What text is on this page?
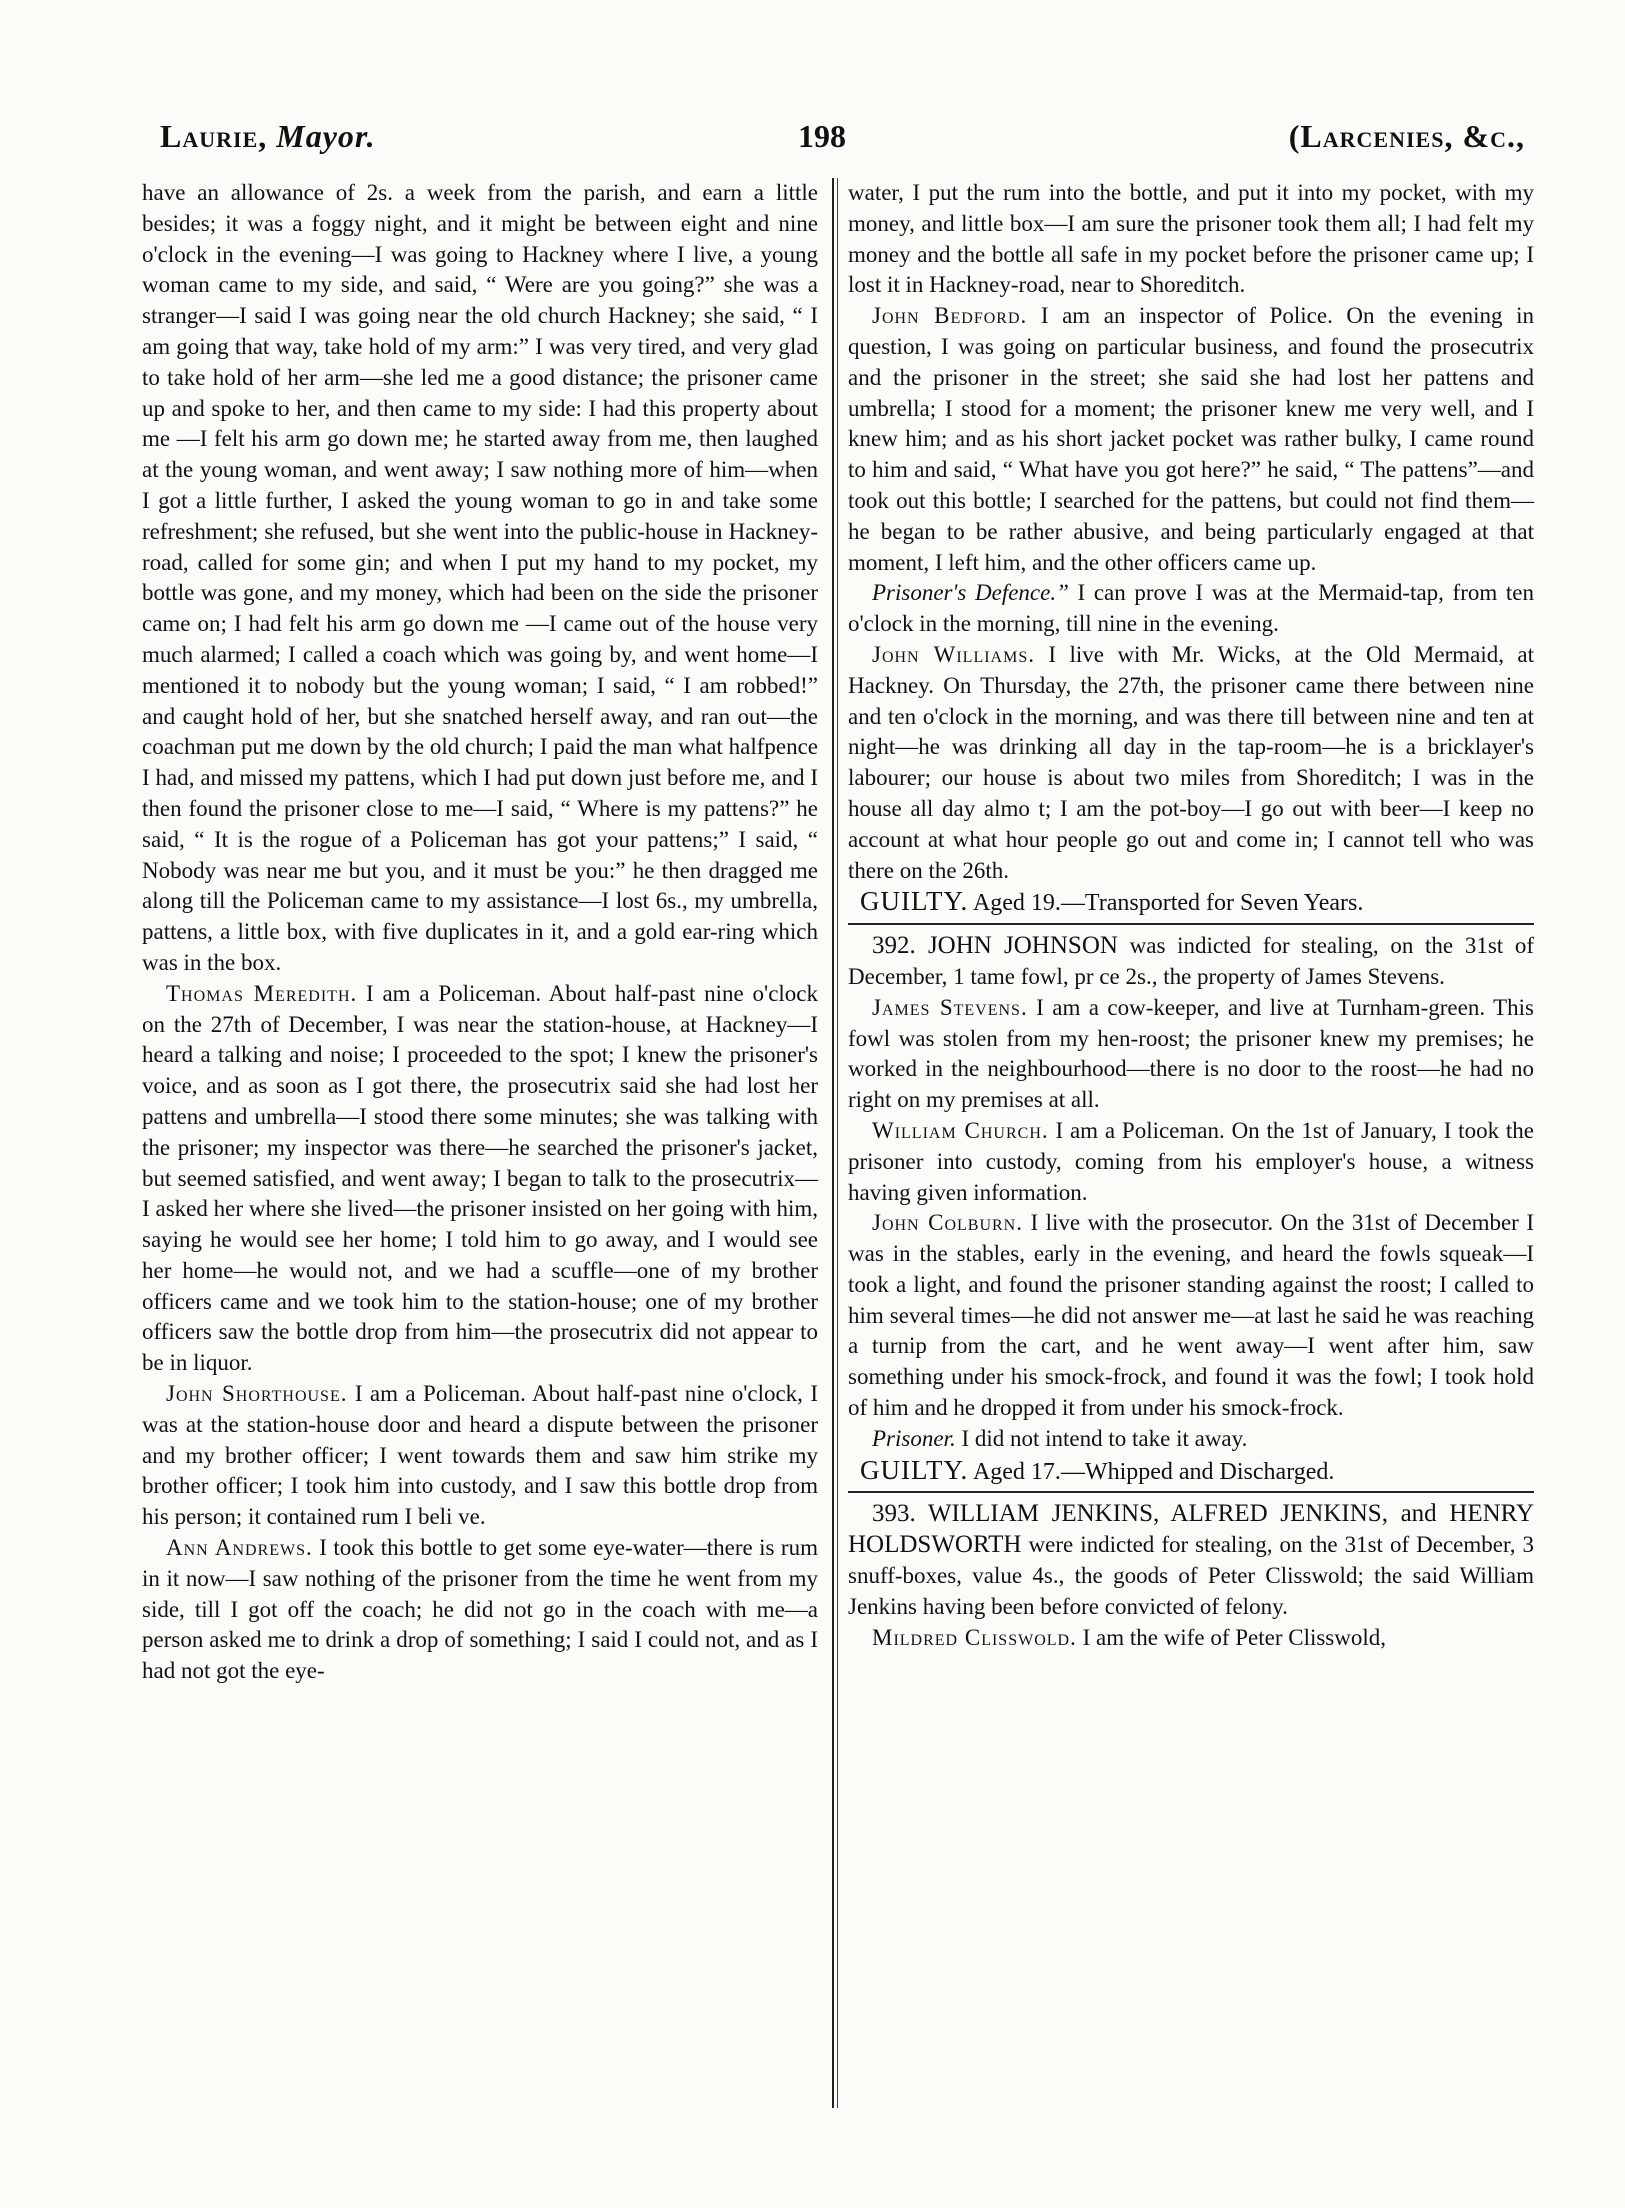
Laurie, Mayor.	198	(Larcenies, &c.,

have an allowance of 2s. a week from the parish, and earn a little besides; it was a foggy night, and it might be between eight and nine o'clock in the evening—I was going to Hackney where I live, a young woman came to my side, and said, “ Were are you going?” she was a stranger—I said I was going near the old church Hackney; she said, “ I am going that way, take hold of my arm:” I was very tired, and very glad to take hold of her arm—she led me a good distance; the prisoner came up and spoke to her, and then came to my side: I had this property about me —I felt his arm go down me; he started away from me, then laughed at the young woman, and went away; I saw nothing more of him—when I got a little further, I asked the young woman to go in and take some refreshment; she refused, but she went into the public-house in Hackney-road, called for some gin; and when I put my hand to my pocket, my bottle was gone, and my money, which had been on the side the prisoner came on; I had felt his arm go down me —I came out of the house very much alarmed; I called a coach which was going by, and went home—I mentioned it to nobody but the young woman; I said, “ I am robbed!” and caught hold of her, but she snatched herself away, and ran out—the coachman put me down by the old church; I paid the man what halfpence I had, and missed my pattens, which I had put down just before me, and I then found the prisoner close to me—I said, “ Where is my pattens?” he said, “ It is the rogue of a Policeman has got your pattens;” I said, “ Nobody was near me but you, and it must be you:” he then dragged me along till the Policeman came to my assistance—I lost 6s., my umbrella, pattens, a little box, with five duplicates in it, and a gold ear-ring which was in the box.

Thomas Meredith. I am a Policeman. About half-past nine o'clock on the 27th of December, I was near the station-house, at Hackney—I heard a talking and noise; I proceeded to the spot; I knew the prisoner's voice, and as soon as I got there, the prosecutrix said she had lost her pattens and umbrella—I stood there some minutes; she was talking with the prisoner; my inspector was there—he searched the prisoner's jacket, but seemed satisfied, and went away; I began to talk to the prosecutrix—I asked her where she lived—the prisoner insisted on her going with him, saying he would see her home; I told him to go away, and I would see her home—he would not, and we had a scuffle—one of my brother officers came and we took him to the station-house; one of my brother officers saw the bottle drop from him—the prosecutrix did not appear to be in liquor.

John Shorthouse. I am a Policeman. About half-past nine o'clock, I was at the station-house door and heard a dispute between the prisoner and my brother officer; I went towards them and saw him strike my brother officer; I took him into custody, and I saw this bottle drop from his person; it contained rum I beli ve.

Ann Andrews. I took this bottle to get some eye-water—there is rum in it now—I saw nothing of the prisoner from the time he went from my side, till I got off the coach; he did not go in the coach with me—a person asked me to drink a drop of something; I said I could not, and as I had not got the eye-

water, I put the rum into the bottle, and put it into my pocket, with my money, and little box—I am sure the prisoner took them all; I had felt my money and the bottle all safe in my pocket before the prisoner came up; I lost it in Hackney-road, near to Shoreditch.

John Bedford. I am an inspector of Police. On the evening in question, I was going on particular business, and found the prosecutrix and the prisoner in the street; she said she had lost her pattens and umbrella; I stood for a moment; the prisoner knew me very well, and I knew him; and as his short jacket pocket was rather bulky, I came round to him and said, “ What have you got here?” he said, “ The pattens”—and took out this bottle; I searched for the pattens, but could not find them—he began to be rather abusive, and being particularly engaged at that moment, I left him, and the other officers came up.

Prisoner's Defence.” I can prove I was at the Mermaid-tap, from ten o'clock in the morning, till nine in the evening.

John Williams. I live with Mr. Wicks, at the Old Mermaid, at Hackney. On Thursday, the 27th, the prisoner came there between nine and ten o'clock in the morning, and was there till between nine and ten at night—he was drinking all day in the tap-room—he is a bricklayer's labourer; our house is about two miles from Shoreditch; I was in the house all day almo t; I am the pot-boy—I go out with beer—I keep no account at what hour people go out and come in; I cannot tell who was there on the 26th.

GUILTY. Aged 19.—Transported for Seven Years.

392. JOHN JOHNSON was indicted for stealing, on the 31st of December, 1 tame fowl, pr ce 2s., the property of James Stevens.

James Stevens. I am a cow-keeper, and live at Turnham-green. This fowl was stolen from my hen-roost; the prisoner knew my premises; he worked in the neighbourhood—there is no door to the roost—he had no right on my premises at all.

William Church. I am a Policeman. On the 1st of January, I took the prisoner into custody, coming from his employer's house, a witness having given information.

John Colburn. I live with the prosecutor. On the 31st of December I was in the stables, early in the evening, and heard the fowls squeak—I took a light, and found the prisoner standing against the roost; I called to him several times—he did not answer me—at last he said he was reaching a turnip from the cart, and he went away—I went after him, saw something under his smock-frock, and found it was the fowl; I took hold of him and he dropped it from under his smock-frock.

Prisoner. I did not intend to take it away.

GUILTY. Aged 17.—Whipped and Discharged.

393. WILLIAM JENKINS, ALFRED JENKINS, and HENRY HOLDSWORTH were indicted for stealing, on the 31st of December, 3 snuff-boxes, value 4s., the goods of Peter Clisswold; the said William Jenkins having been before convicted of felony.

Mildred Clisswold. I am the wife of Peter Clisswold,
